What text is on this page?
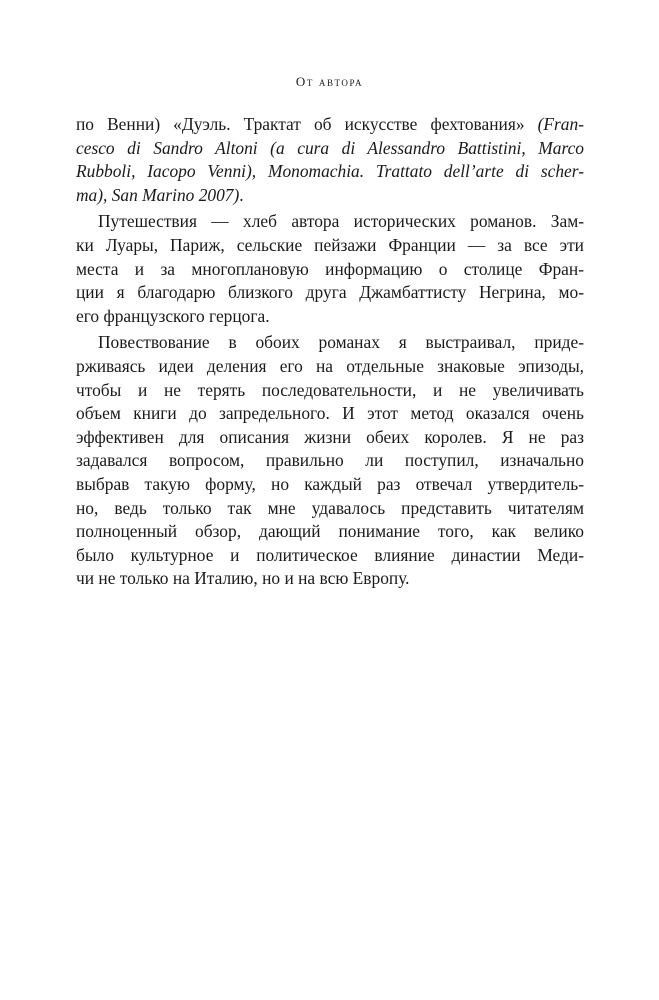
От автора
по Венни) «Дуэль. Трактат об искусстве фехтования» (Fran-
cesco di Sandro Altoni (a cura di Alessandro Battistini, Marco
Rubboli, Iacopo Venni), Monomachia. Trattato dell’arte di scher-
ma), San Marino 2007).
Путешествия — хлеб автора исторических романов. Зам-
ки Луары, Париж, сельские пейзажи Франции — за все эти
места и за многоплановую информацию о столице Фран-
ции я благодарю близкого друга Джамбаттисту Негрина, мо-
его французского герцога.
Повествование в обоих романах я выстраивал, приде-
рживаясь идеи деления его на отдельные знаковые эпизоды,
чтобы и не терять последовательности, и не увеличивать
объем книги до запредельного. И этот метод оказался очень
эффективен для описания жизни обеих королев. Я не раз
задавался вопросом, правильно ли поступил, изначально
выбрав такую форму, но каждый раз отвечал утвердитель-
но, ведь только так мне удавалось представить читателям
полноценный обзор, дающий понимание того, как велико
было культурное и политическое влияние династии Меди-
чи не только на Италию, но и на всю Европу.
